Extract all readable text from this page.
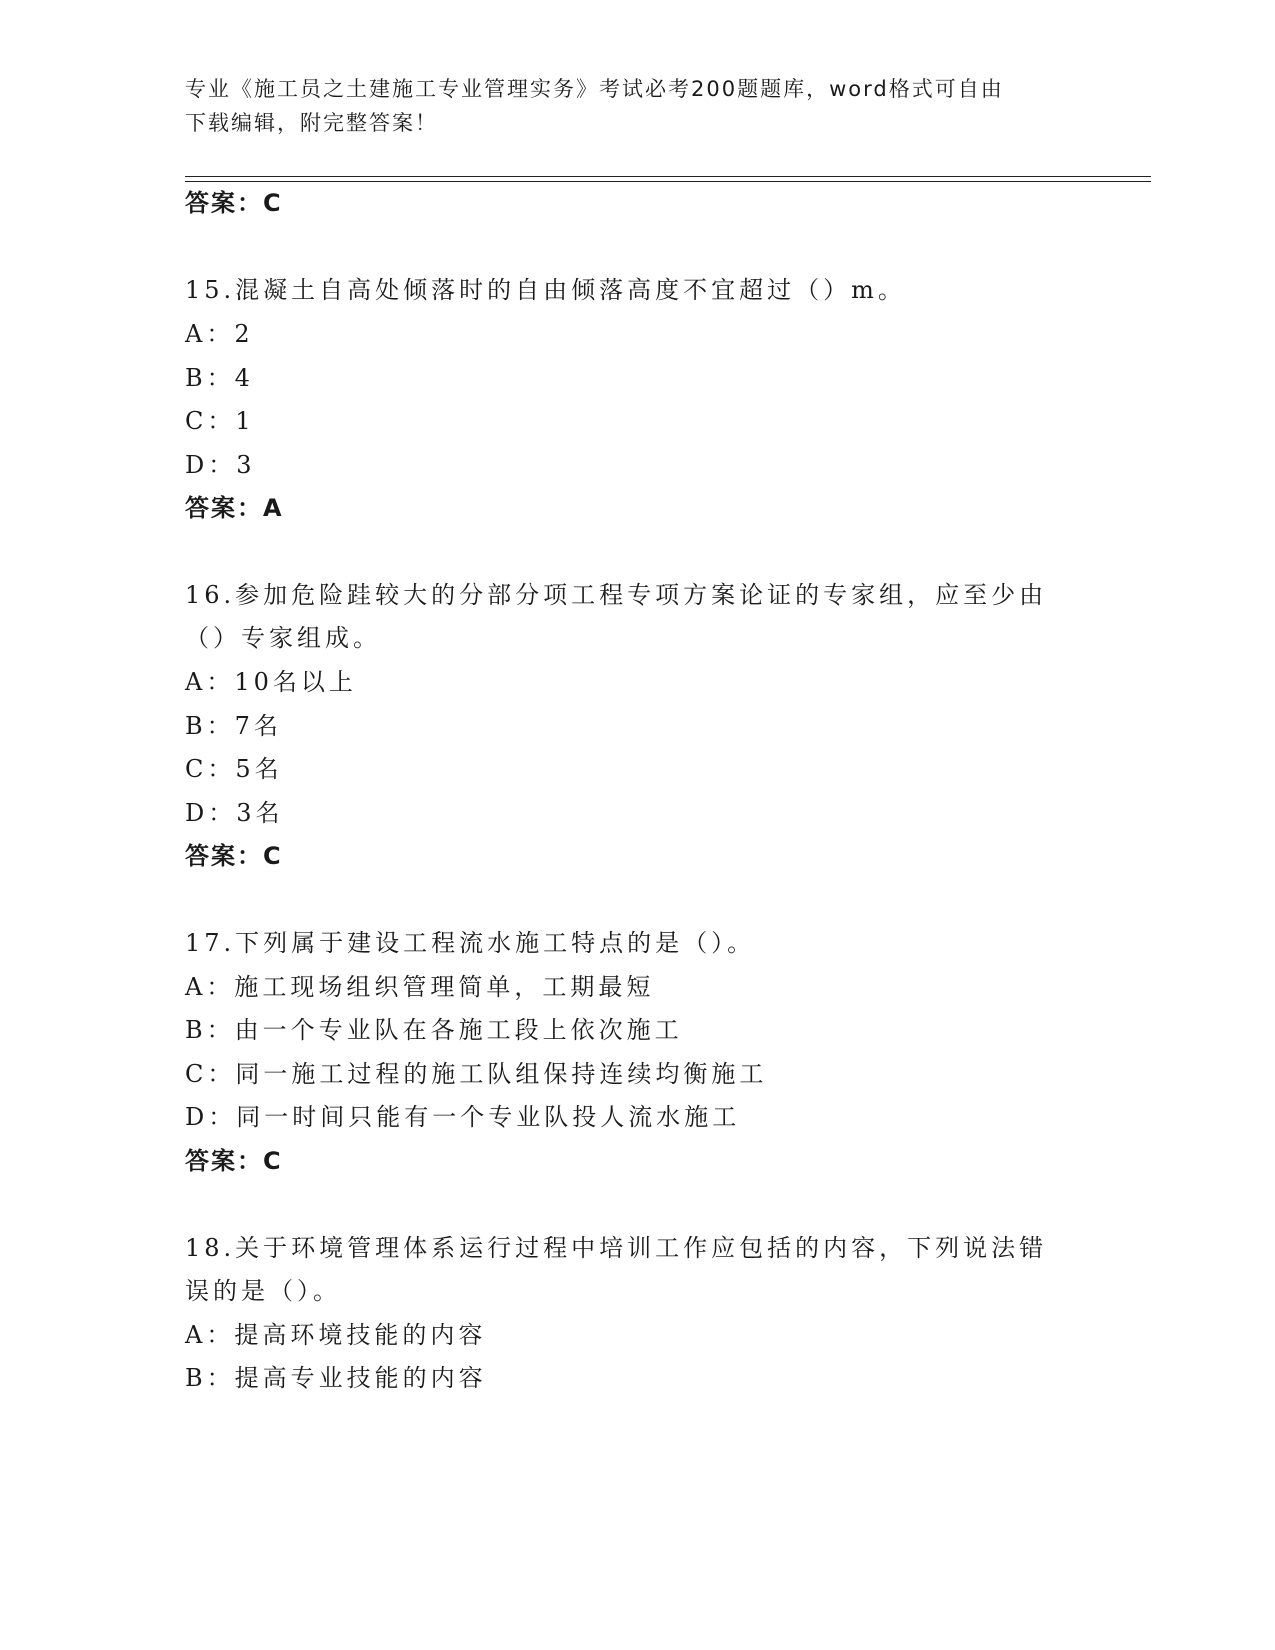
专业《施工员之土建施工专业管理实务》考试必考200题题库，word格式可自由
下载编辑，附完整答案！
答案：C
15.混凝土自高处倾落时的自由倾落高度不宜超过（）m。
A：2
B：4
C：1
D：3
答案：A
16.参加危险跬较大的分部分项工程专项方案论证的专家组，应至少由
（）专家组成。
A：10名以上
B：7名
C：5名
D：3名
答案：C
17.下列属于建设工程流水施工特点的是（）。
A：施工现场组织管理简单，工期最短
B：由一个专业队在各施工段上依次施工
C：同一施工过程的施工队组保持连续均衡施工
D：同一时间只能有一个专业队投人流水施工
答案：C
18.关于环境管理体系运行过程中培训工作应包括的内容，下列说法错
误的是（）。
A：提高环境技能的内容
B：提高专业技能的内容
